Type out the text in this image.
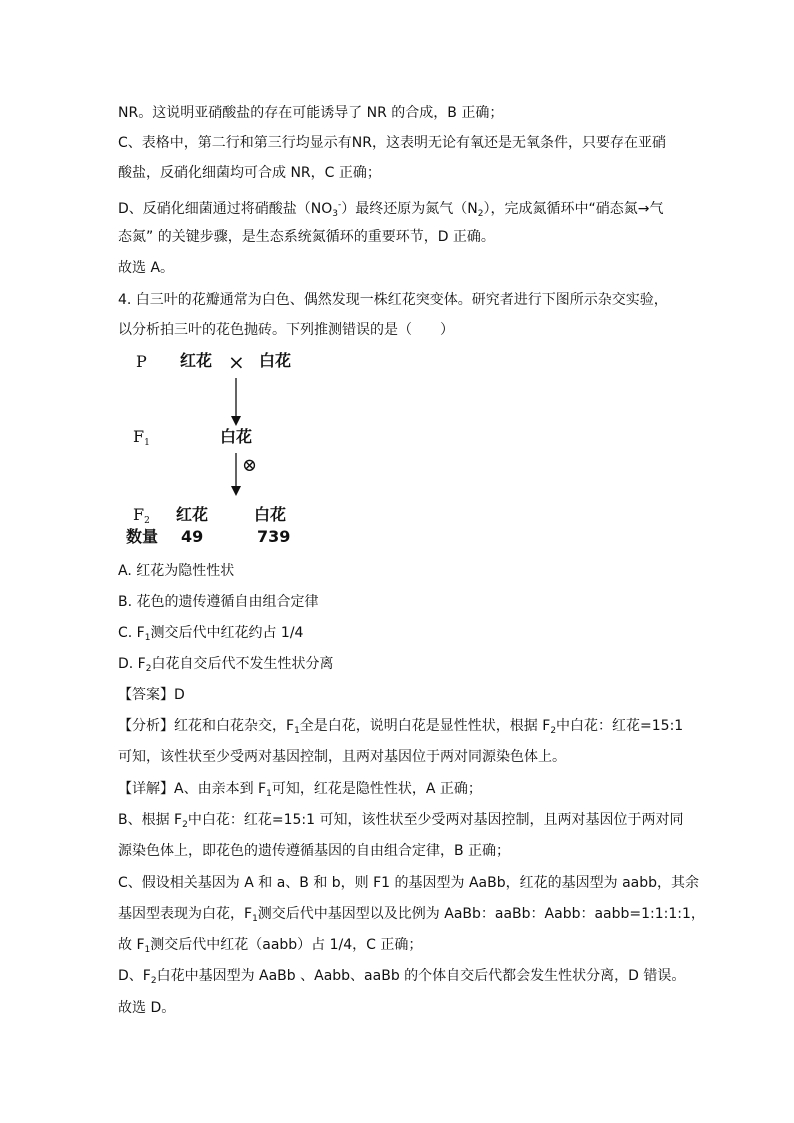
NR。这说明亚硝酸盐的存在可能诱导了 NR 的合成，B 正确；
C、表格中，第二行和第三行均显示有NR，这表明无论有氧还是无氧条件，只要存在亚硝
酸盐，反硝化细菌均可合成 NR，C 正确；
D、反硝化细菌通过将硝酸盐$(NO_3^-)$最终还原为氮气$(N_2)$，完成氮循环中“硝态氮→气
态氮” 的关键步骤，是生态系统氮循环的重要环节，D 正确。
故选 A。
4. 白三叶的花瓣通常为白色、偶然发现一株红花突变体。研究者进行下图所示杂交实验，
以分析拍三叶的花色抛砖。下列推测错误的是（　　）
P 红花 × 白花
$F_1$	白花
⊗
$F_2$ 红花	白花
数量 49	739
A. 红花为隐性性状
B. 花色的遗传遵循自由组合定律
C. $F_1$测交后代中红花约占 1/4
D. $F_2$白花自交后代不发生性状分离
【答案】D
【分析】红花和白花杂交，$F_1$全是白花，说明白花是显性性状，根据 $F_2$中白花：红花=15:1
可知，该性状至少受两对基因控制，且两对基因位于两对同源染色体上。
【详解】A、由亲本到 $F_1$可知，红花是隐性性状，A 正确；
B、根据 $F_2$中白花：红花=15:1 可知，该性状至少受两对基因控制，且两对基因位于两对同
源染色体上，即花色的遗传遵循基因的自由组合定律，B 正确；
C、假设相关基因为 A 和 a、B 和 b，则 F1 的基因型为 AaBb，红花的基因型为 aabb，其余
基因型表现为白花，$F_1$测交后代中基因型以及比例为 AaBb：aaBb：Aabb：aabb=1:1:1:1，
故 $F_1$测交后代中红花（aabb）占 1/4，C 正确；
D、$F_2$白花中基因型为 AaBb 、Aabb、aaBb 的个体自交后代都会发生性状分离，D 错误。
故选 D。
